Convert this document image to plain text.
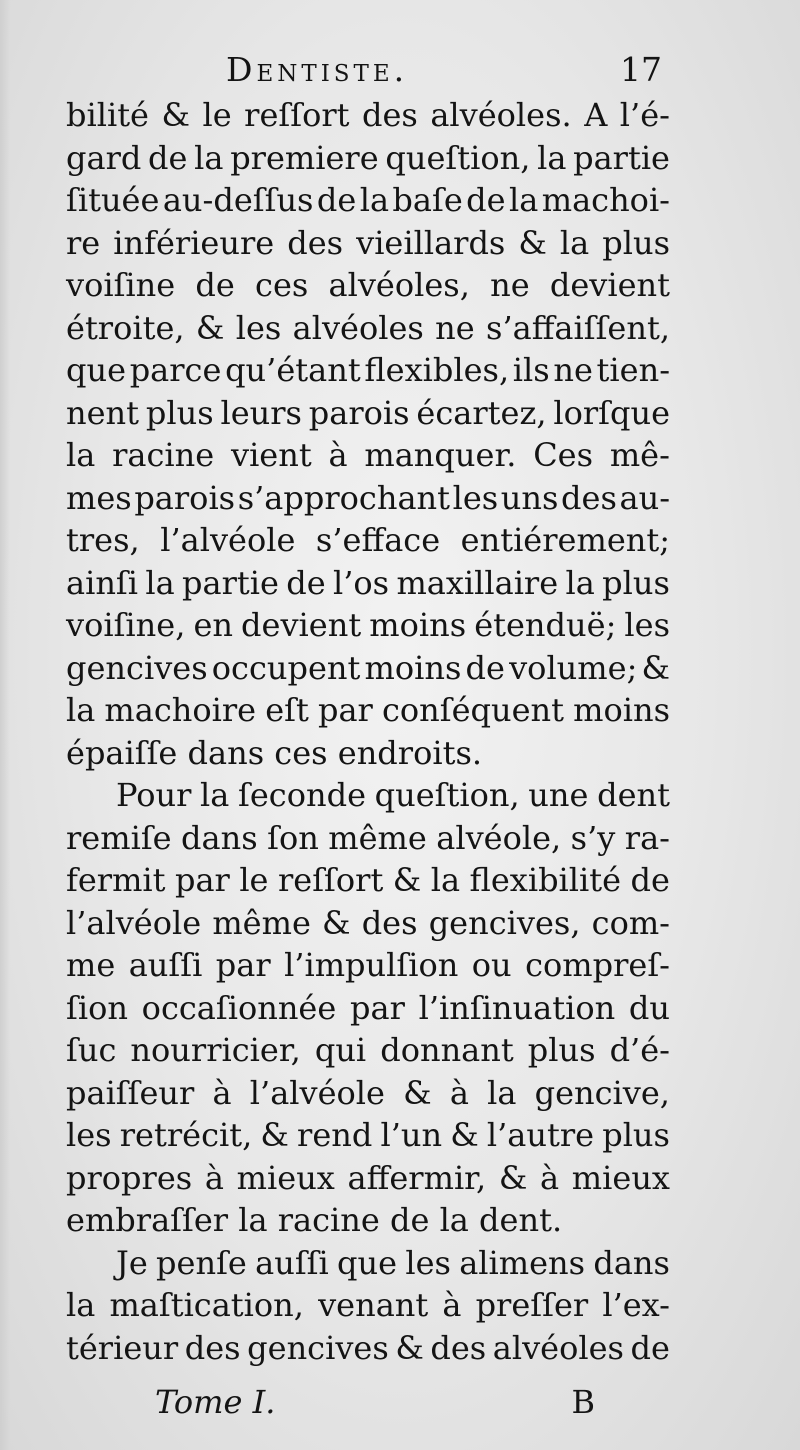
Dentiste.	17
bilité & le reſſort des alvéoles. A l’é-
gard de la premiere queſtion, la partie
ſituée au-deſſus de la baſe de la machoi-
re inférieure des vieillards & la plus
voiſine de ces alvéoles, ne devient
étroite, & les alvéoles ne s’affaiſſent,
que parce qu’étant flexibles, ils ne tien-
nent plus leurs parois écartez, lorſque
la racine vient à manquer. Ces mê-
mes parois s’approchant les uns des au-
tres, l’alvéole s’efface entiérement;
ainſi la partie de l’os maxillaire la plus
voiſine, en devient moins étenduë; les
gencives occupent moins de volume; &
la machoire eſt par conſéquent moins
épaiſſe dans ces endroits.
Pour la ſeconde queſtion, une dent
remiſe dans ſon même alvéole, s’y ra-
fermit par le reſſort & la flexibilité de
l’alvéole même & des gencives, com-
me auſſi par l’impulſion ou compreſ-
ſion occaſionnée par l’inſinuation du
ſuc nourricier, qui donnant plus d’é-
paiſſeur à l’alvéole & à la gencive,
les retrécit, & rend l’un & l’autre plus
propres à mieux affermir, & à mieux
embraſſer la racine de la dent.
Je penſe auſſi que les alimens dans
la maſtication, venant à preſſer l’ex-
térieur des gencives & des alvéoles de
Tome I.	B
